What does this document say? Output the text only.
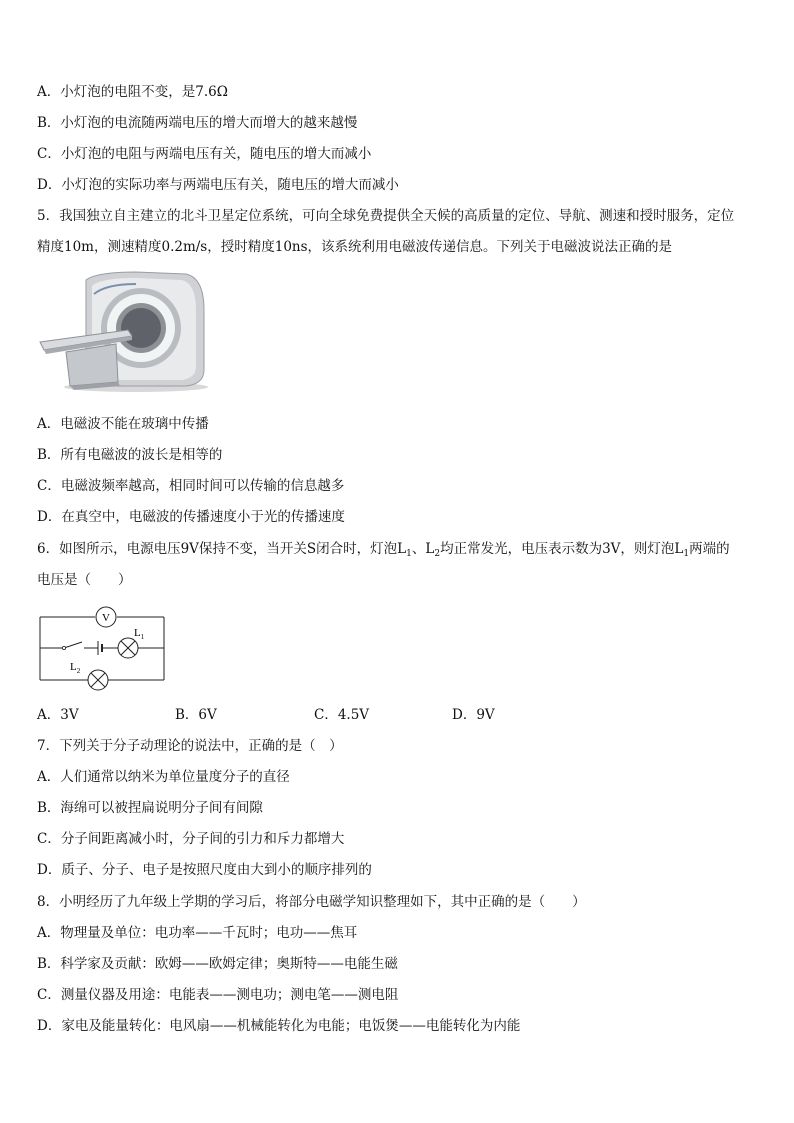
A．小灯泡的电阻不变，是7.6Ω
B．小灯泡的电流随两端电压的增大而增大的越来越慢
C．小灯泡的电阻与两端电压有关，随电压的增大而减小
D．小灯泡的实际功率与两端电压有关，随电压的增大而减小
5．我国独立自主建立的北斗卫星定位系统，可向全球免费提供全天候的高质量的定位、导航、测速和授时服务，定位
精度10m，测速精度0.2m/s，授时精度10ns，该系统利用电磁波传递信息。下列关于电磁波说法正确的是
A．电磁波不能在玻璃中传播
B．所有电磁波的波长是相等的
C．电磁波频率越高，相同时间可以传输的信息越多
D．在真空中，电磁波的传播速度小于光的传播速度
6．如图所示，电源电压9V保持不变，当开关S闭合时，灯泡$L_1$、$L_2$均正常发光，电压表示数为3V，则灯泡$L_1$两端的
电压是（　　）
V
$L_1$
$L_2$
A．3V	B．6V	C．4.5V	D．9V
7．下列关于分子动理论的说法中，正确的是（　）
A．人们通常以纳米为单位量度分子的直径
B．海绵可以被捏扁说明分子间有间隙
C．分子间距离减小时，分子间的引力和斥力都增大
D．质子、分子、电子是按照尺度由大到小的顺序排列的
8．小明经历了九年级上学期的学习后，将部分电磁学知识整理如下，其中正确的是（　　）
A．物理量及单位：电功率——千瓦时；电功——焦耳
B．科学家及贡献：欧姆——欧姆定律；奥斯特——电能生磁
C．测量仪器及用途：电能表——测电功；测电笔——测电阻
D．家电及能量转化：电风扇——机械能转化为电能；电饭煲——电能转化为内能
